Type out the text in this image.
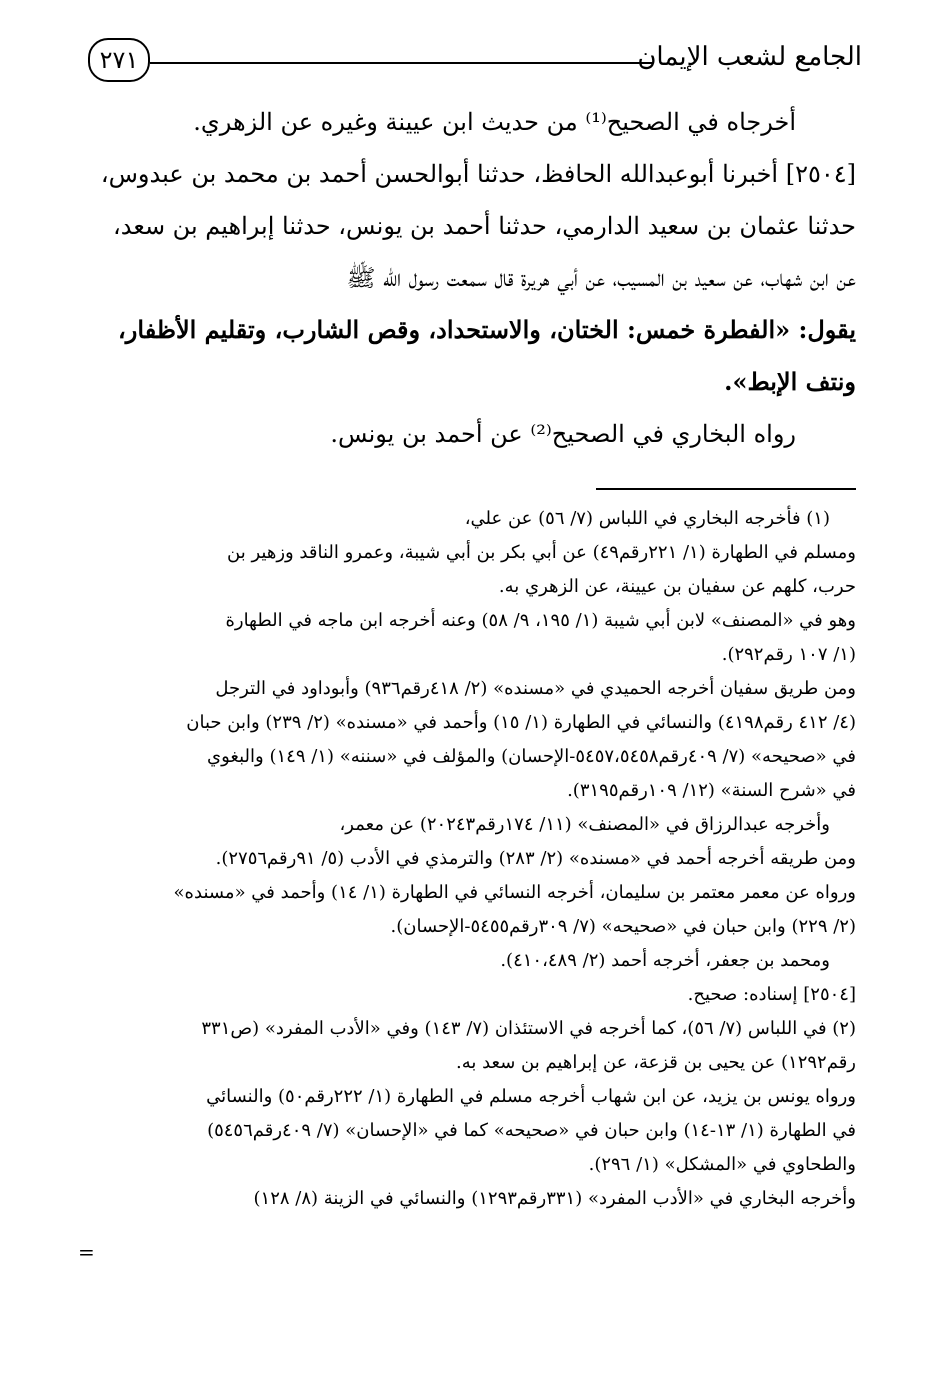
الجامع لشعب الإيمان
٢٧١
أخرجاه في الصحيح⁽¹⁾ من حديث ابن عيينة وغيره عن الزهري.
[٢٥٠٤] أخبرنا أبوعبدالله الحافظ، حدثنا أبوالحسن أحمد بن محمد بن عبدوس،
حدثنا عثمان بن سعيد الدارمي، حدثنا أحمد بن يونس، حدثنا إبراهيم بن سعد،
عن ابن شهاب، عن سعيد بن المسيب، عن أبي هريرة قال سمعت رسول الله ﷺ
يقول: «الفطرة خمس: الختان، والاستحداد، وقص الشارب، وتقليم الأظفار،
ونتف الإبط».
رواه البخاري في الصحيح⁽²⁾ عن أحمد بن يونس.
(١) فأخرجه البخاري في اللباس (٧/ ٥٦) عن علي،
ومسلم في الطهارة (١/ ٢٢١رقم٤٩) عن أبي بكر بن أبي شيبة، وعمرو الناقد وزهير بن
حرب، كلهم عن سفيان بن عيينة، عن الزهري به.
وهو في «المصنف» لابن أبي شيبة (١/ ١٩٥، ٩/ ٥٨) وعنه أخرجه ابن ماجه في الطهارة
(١/ ١٠٧ رقم٢٩٢).
ومن طريق سفيان أخرجه الحميدي في «مسنده» (٢/ ٤١٨رقم٩٣٦) وأبوداود في الترجل
(٤/ ٤١٢ رقم٤١٩٨) والنسائي في الطهارة (١/ ١٥) وأحمد في «مسنده» (٢/ ٢٣٩) وابن حبان
في «صحيحه» (٧/ ٤٠٩رقم٥٤٥٧،٥٤٥٨-الإحسان) والمؤلف في «سننه» (١/ ١٤٩) والبغوي
في «شرح السنة» (١٢/ ١٠٩رقم٣١٩٥).
وأخرجه عبدالرزاق في «المصنف» (١١/ ١٧٤رقم٢٠٢٤٣) عن معمر،
ومن طريقه أخرجه أحمد في «مسنده» (٢/ ٢٨٣) والترمذي في الأدب (٥/ ٩١رقم٢٧٥٦).
ورواه عن معمر معتمر بن سليمان، أخرجه النسائي في الطهارة (١/ ١٤) وأحمد في «مسنده»
(٢/ ٢٢٩) وابن حبان في «صحيحه» (٧/ ٣٠٩رقم٥٤٥٥-الإحسان).
ومحمد بن جعفر، أخرجه أحمد (٢/ ٤١٠،٤٨٩).
[٢٥٠٤] إسناده: صحيح.
(٢) في اللباس (٧/ ٥٦)، كما أخرجه في الاستئذان (٧/ ١٤٣) وفي «الأدب المفرد» (ص٣٣١
رقم١٢٩٢) عن يحيى بن قزعة، عن إبراهيم بن سعد به.
ورواه يونس بن يزيد، عن ابن شهاب أخرجه مسلم في الطهارة (١/ ٢٢٢رقم٥٠) والنسائي
في الطهارة (١/ ١٣-١٤) وابن حبان في «صحيحه» كما في «الإحسان» (٧/ ٤٠٩رقم٥٤٥٦)
والطحاوي في «المشكل» (١/ ٢٩٦).
وأخرجه البخاري في «الأدب المفرد» (٣٣١رقم١٢٩٣) والنسائي في الزينة (٨/ ١٢٨)
=
